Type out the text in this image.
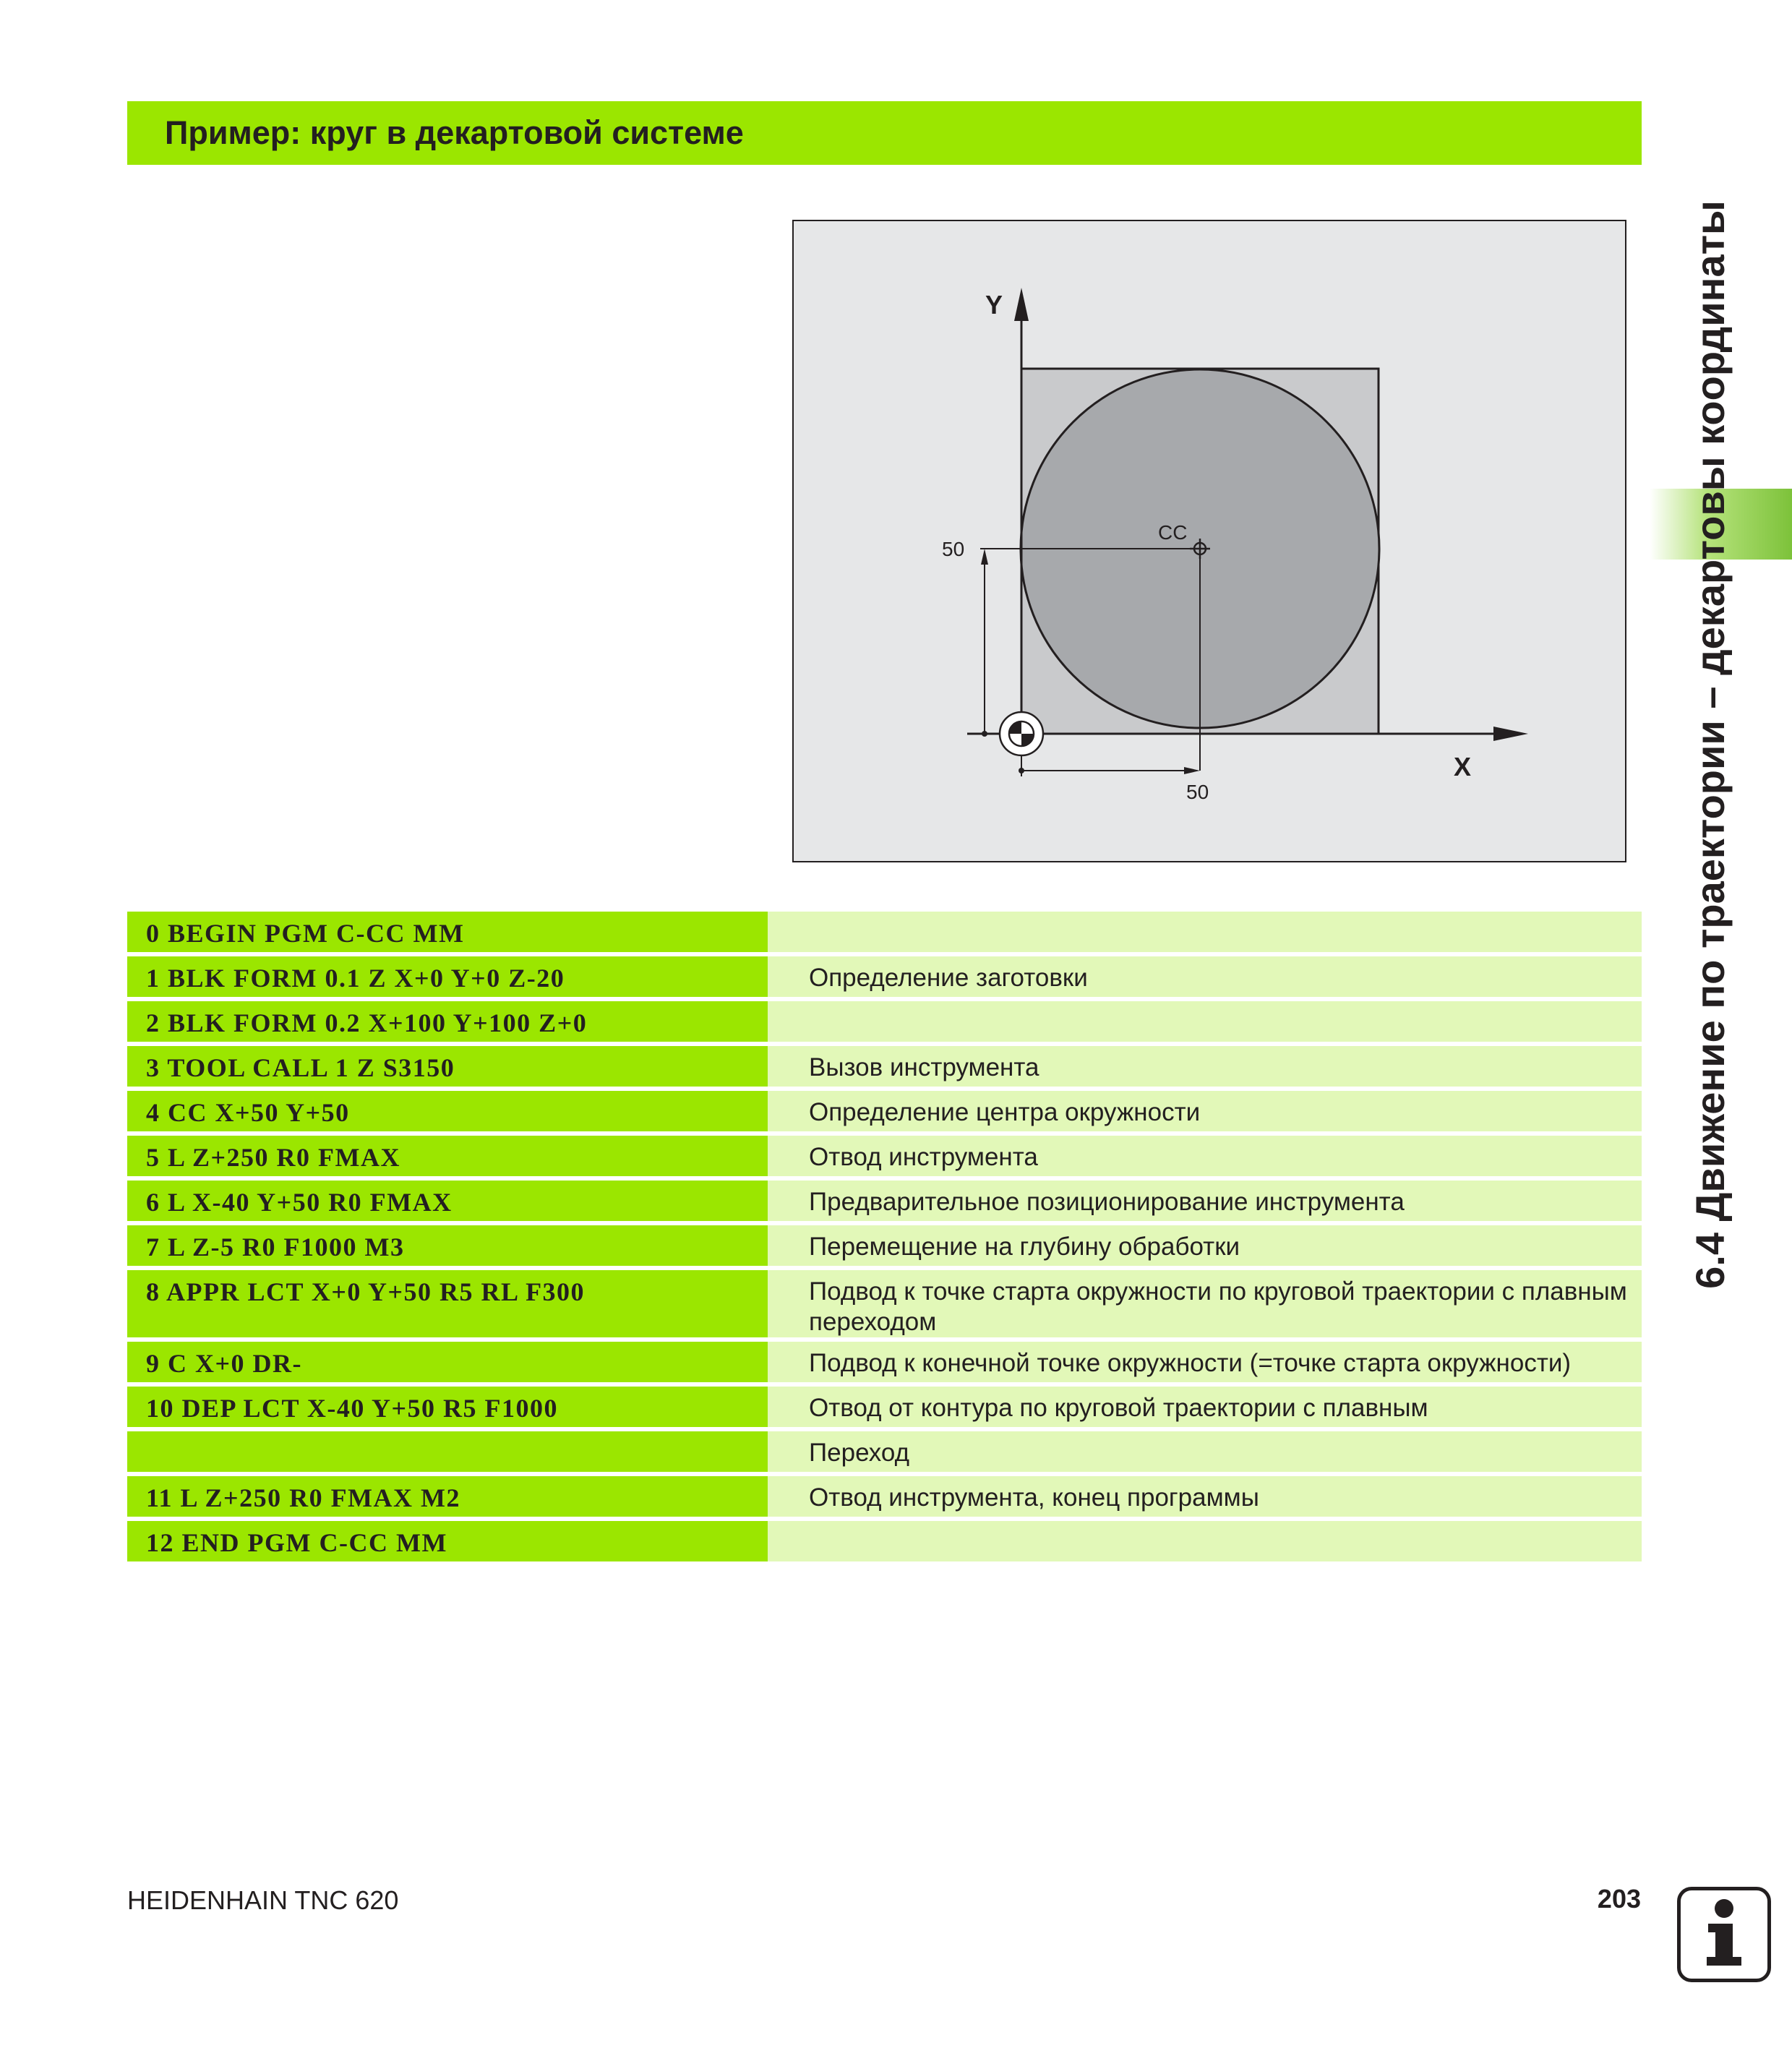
Пример: круг в декартовой системе
6.4 Движение по траектории – декартовы координаты
Y
X
CC
50
50
0 BEGIN PGM C-CC MM
1 BLK FORM 0.1 Z X+0 Y+0 Z-20	Определение заготовки
2 BLK FORM 0.2 X+100 Y+100 Z+0
3 TOOL CALL 1 Z S3150	Вызов инструмента
4 CC X+50 Y+50	Определение центра окружности
5 L Z+250 R0 FMAX	Отвод инструмента
6 L X-40 Y+50 R0 FMAX	Предварительное позиционирование инструмента
7 L Z-5 R0 F1000 M3	Перемещение на глубину обработки
8 APPR LCT X+0 Y+50 R5 RL F300	Подвод к точке старта окружности по круговой траектории с плавным переходом
9 C X+0 DR-	Подвод к конечной точке окружности (=точке старта окружности)
10 DEP LCT X-40 Y+50 R5 F1000	Отвод от контура по круговой траектории с плавным
Переход
11 L Z+250 R0 FMAX M2	Отвод инструмента, конец программы
12 END PGM C-CC MM
HEIDENHAIN TNC 620	203
